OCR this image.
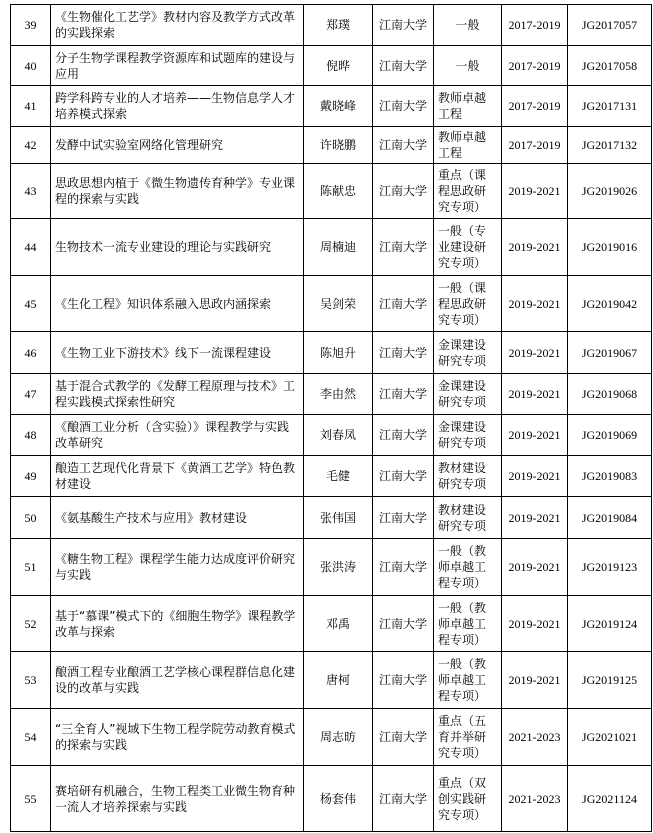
39	《生物催化工艺学》教材内容及教学方式改革的实践探索	郑璞	江南大学	一般	2017-2019	JG2017057
40	分子生物学课程教学资源库和试题库的建设与应用	倪晔	江南大学	一般	2017-2019	JG2017058
41	跨学科跨专业的人才培养——生物信息学人才培养模式探索	戴晓峰	江南大学	教师卓越工程	2017-2019	JG2017131
42	发酵中试实验室网络化管理研究	许晓鹏	江南大学	教师卓越工程	2017-2019	JG2017132
43	思政思想内植于《微生物遗传育种学》专业课程的探索与实践	陈献忠	江南大学	重点（课程思政研究专项）	2019-2021	JG2019026
44	生物技术一流专业建设的理论与实践研究	周楠迪	江南大学	一般（专业建设研究专项）	2019-2021	JG2019016
45	《生化工程》知识体系融入思政内涵探索	吴剑荣	江南大学	一般（课程思政研究专项）	2019-2021	JG2019042
46	《生物工业下游技术》线下一流课程建设	陈旭升	江南大学	金课建设研究专项	2019-2021	JG2019067
47	基于混合式教学的《发酵工程原理与技术》工程实践模式探索性研究	李由然	江南大学	金课建设研究专项	2019-2021	JG2019068
48	《酿酒工业分析（含实验）》课程教学与实践改革研究	刘春凤	江南大学	金课建设研究专项	2019-2021	JG2019069
49	酿造工艺现代化背景下《黄酒工艺学》特色教材建设	毛健	江南大学	教材建设研究专项	2019-2021	JG2019083
50	《氨基酸生产技术与应用》教材建设	张伟国	江南大学	教材建设研究专项	2019-2021	JG2019084
51	《糖生物工程》课程学生能力达成度评价研究与实践	张洪涛	江南大学	一般（教师卓越工程专项）	2019-2021	JG2019123
52	基于“慕课”模式下的《细胞生物学》课程教学改革与探索	邓禹	江南大学	一般（教师卓越工程专项）	2019-2021	JG2019124
53	酿酒工程专业酿酒工艺学核心课程群信息化建设的改革与实践	唐柯	江南大学	一般（教师卓越工程专项）	2019-2021	JG2019125
54	“三全育人”视域下生物工程学院劳动教育模式的探索与实践	周志昉	江南大学	重点（五育并举研究专项）	2021-2023	JG2021021
55	赛培研有机融合，生物工程类工业微生物育种一流人才培养探索与实践	杨套伟	江南大学	重点（双创实践研究专项）	2021-2023	JG2021124
